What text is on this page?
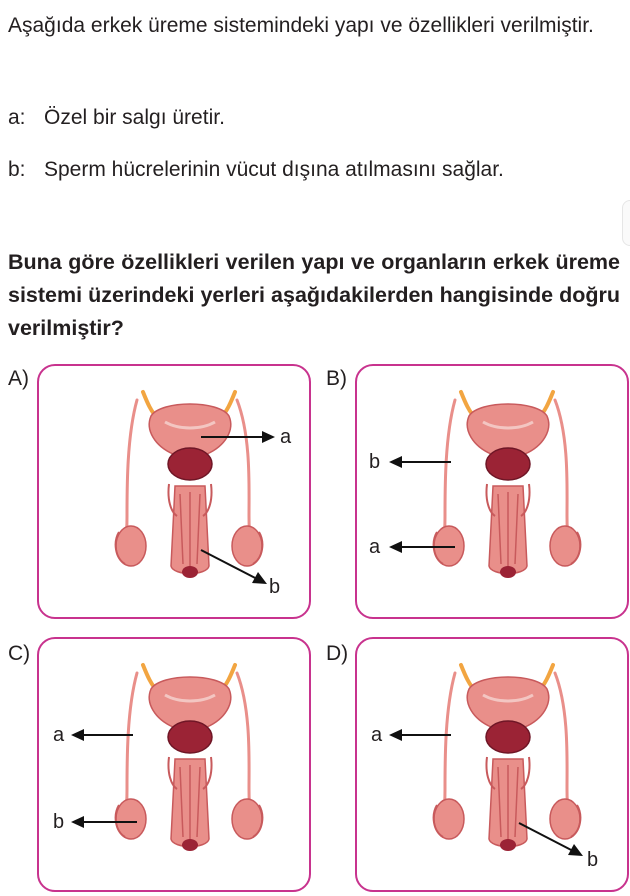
Aşağıda erkek üreme sistemindeki yapı ve özellikleri verilmiştir.

a: Özel bir salgı üretir.
b: Sperm hücrelerinin vücut dışına atılmasını sağlar.

Buna göre özellikleri verilen yapı ve organların erkek üreme sistemi üzerindeki yerleri aşağıdakilerden hangisinde doğru verilmiştir?

A)
a
b
B)
b
a
C)
a
b
D)
a
b
